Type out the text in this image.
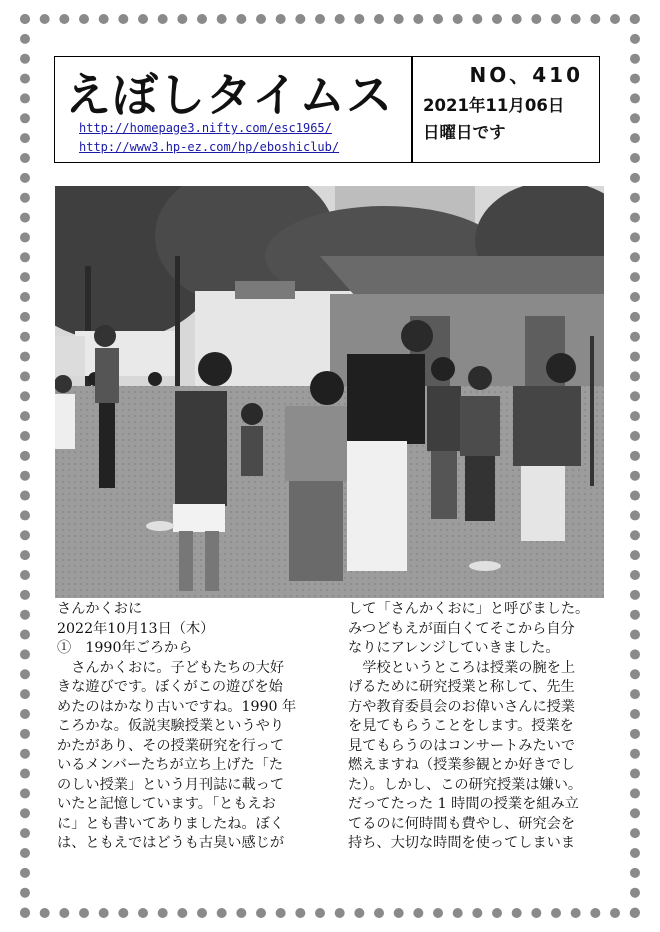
えぼしタイムス
http://homepage3.nifty.com/esc1965/
http://www3.hp-ez.com/hp/eboshiclub/
NO、410
2021年11月06日
日曜日です

さんかくおに

2022年10月13日（木）

①　1990年ごろから

　さんかくおに。子どもたちの大好

きな遊びです。ぼくがこの遊びを始

めたのはかなり古いですね。1990 年

ころかな。仮説実験授業というやり

かたがあり、その授業研究を行って

いるメンバーたちが立ち上げた「た

のしい授業」という月刊誌に載って

いたと記憶しています。「ともえお

に」とも書いてありましたね。ぼく

は、ともえではどうも古臭い感じが

して「さんかくおに」と呼びました。

みつどもえが面白くてそこから自分

なりにアレンジしていきました。

　学校というところは授業の腕を上

げるために研究授業と称して、先生

方や教育委員会のお偉いさんに授業

を見てもらうことをします。授業を

見てもらうのはコンサートみたいで

燃えますね（授業参観とか好きでし

た）。しかし、この研究授業は嫌い。

だってたった 1 時間の授業を組み立

てるのに何時間も費やし、研究会を

持ち、大切な時間を使ってしまいま
